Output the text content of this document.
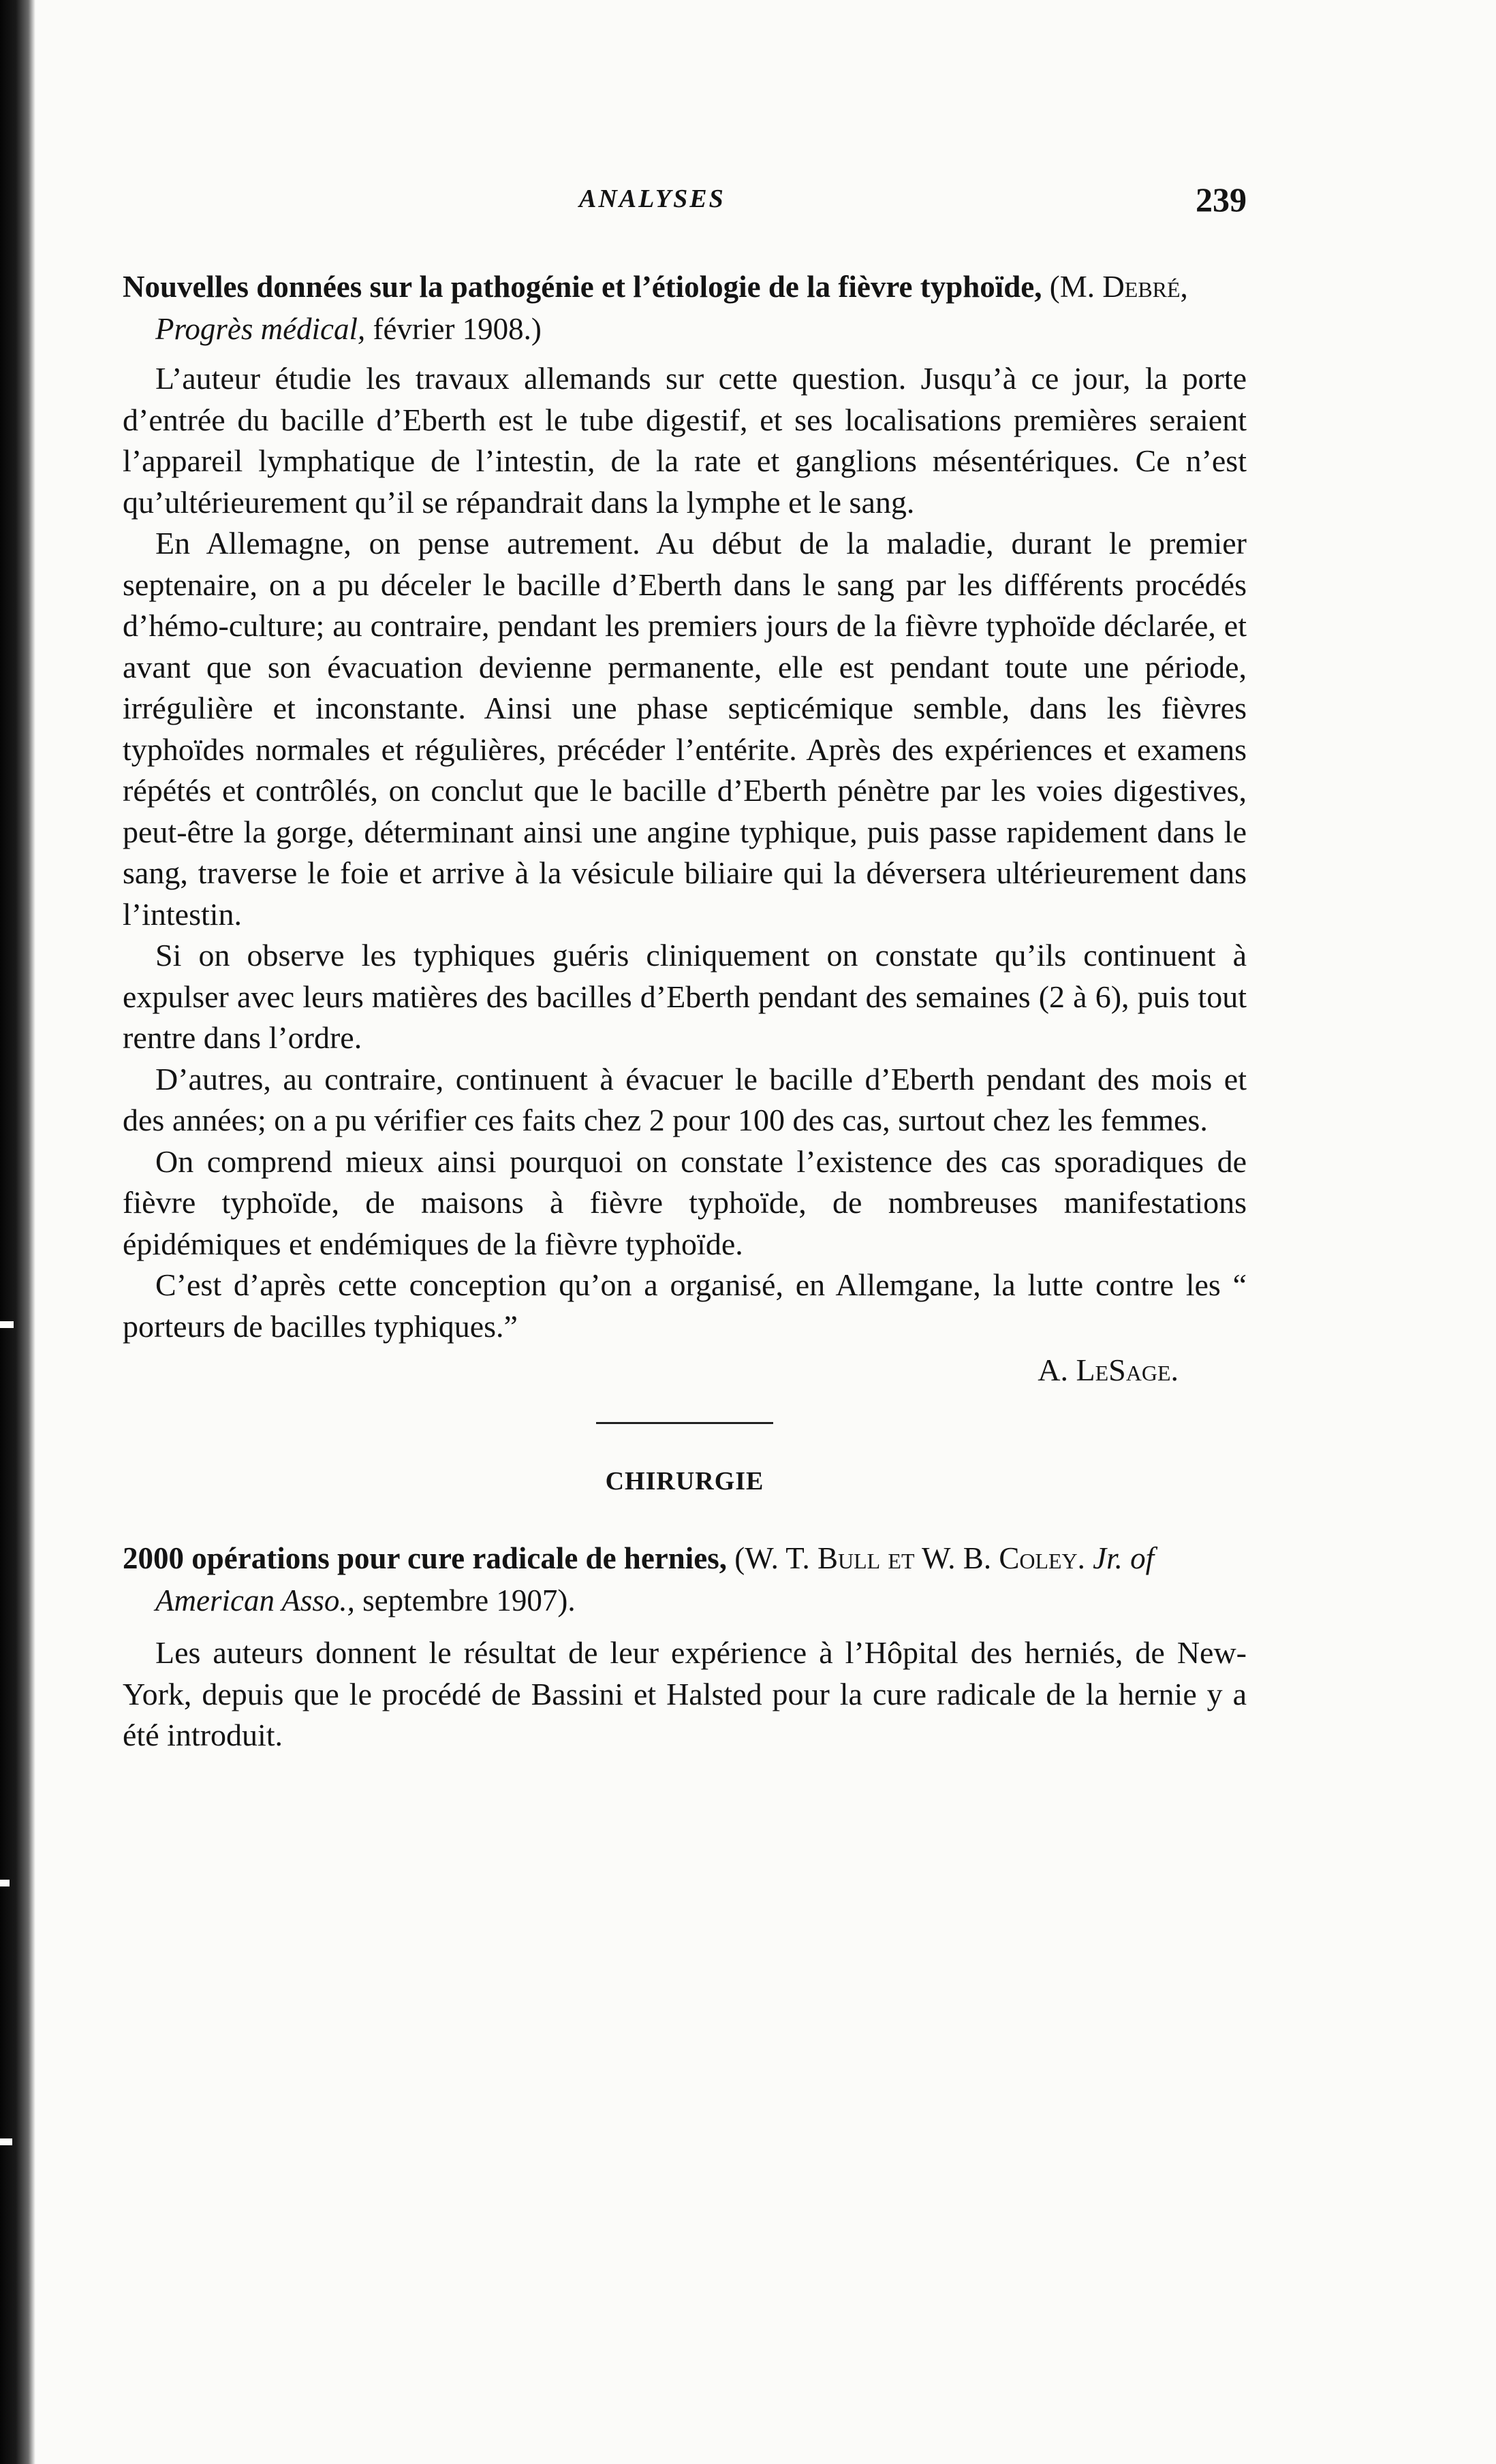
ANALYSES	239

Nouvelles données sur la pathogénie et l’étiologie de la fièvre typhoïde, (M. Debré, Progrès médical, février 1908.)

L’auteur étudie les travaux allemands sur cette question. Jusqu’à ce jour, la porte d’entrée du bacille d’Eberth est le tube digestif, et ses localisations premières seraient l’appareil lymphatique de l’intestin, de la rate et ganglions mésentériques. Ce n’est qu’ultérieurement qu’il se répandrait dans la lymphe et le sang.

En Allemagne, on pense autrement. Au début de la maladie, durant le premier septenaire, on a pu déceler le bacille d’Eberth dans le sang par les différents procédés d’hémo-culture; au contraire, pendant les premiers jours de la fièvre typhoïde déclarée, et avant que son évacuation devienne permanente, elle est pendant toute une période, irrégulière et inconstante. Ainsi une phase septicémique semble, dans les fièvres typhoïdes normales et régulières, précéder l’entérite. Après des expériences et examens répétés et contrôlés, on conclut que le bacille d’Eberth pénètre par les voies digestives, peut-être la gorge, déterminant ainsi une angine typhique, puis passe rapidement dans le sang, traverse le foie et arrive à la vésicule biliaire qui la déversera ultérieurement dans l’intestin.

Si on observe les typhiques guéris cliniquement on constate qu’ils continuent à expulser avec leurs matières des bacilles d’Eberth pendant des semaines (2 à 6), puis tout rentre dans l’ordre.

D’autres, au contraire, continuent à évacuer le bacille d’Eberth pendant des mois et des années; on a pu vérifier ces faits chez 2 pour 100 des cas, surtout chez les femmes.

On comprend mieux ainsi pourquoi on constate l’existence des cas sporadiques de fièvre typhoïde, de maisons à fièvre typhoïde, de nombreuses manifestations épidémiques et endémiques de la fièvre typhoïde.

C’est d’après cette conception qu’on a organisé, en Allemgane, la lutte contre les “ porteurs de bacilles typhiques.”

A. LeSage.

CHIRURGIE

2000 opérations pour cure radicale de hernies, (W. T. Bull et W. B. Coley. Jr. of American Asso., septembre 1907).

Les auteurs donnent le résultat de leur expérience à l’Hôpital des herniés, de New-York, depuis que le procédé de Bassini et Halsted pour la cure radicale de la hernie y a été introduit.
